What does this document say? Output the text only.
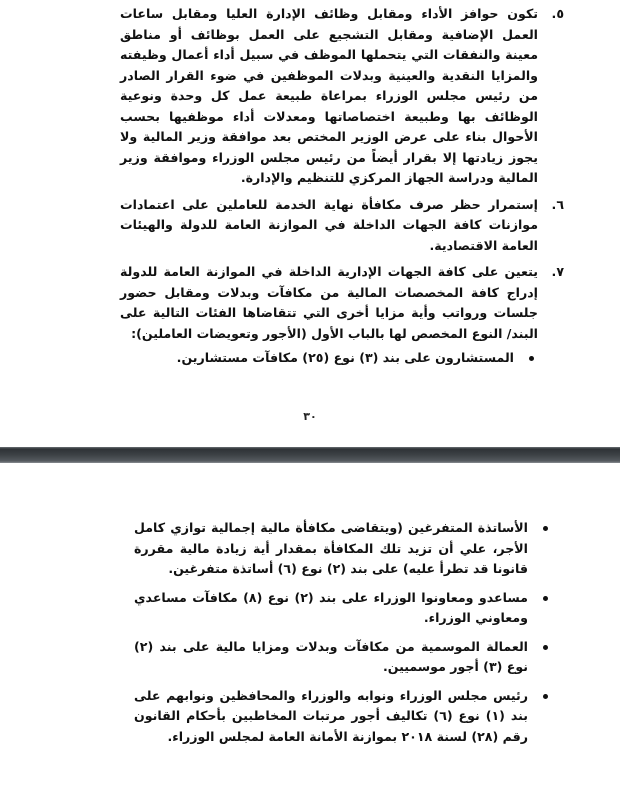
٥.
تكون حوافز الأداء ومقابل وظائف الإدارة العليا ومقابل ساعات العمل الإضافية ومقابل التشجيع على العمل بوظائف أو مناطق معينة والنفقات التي يتحملها الموظف في سبيل أداء أعمال وظيفته والمزايا النقدية والعينية وبدلات الموظفين في ضوء القرار الصادر من رئيس مجلس الوزراء بمراعاة طبيعة عمل كل وحدة ونوعية الوظائف بها وطبيعة اختصاصاتها ومعدلات أداء موظفيها بحسب الأحوال بناء على عرض الوزير المختص بعد موافقة وزير المالية ولا يجوز زيادتها إلا بقرار أيضاً من رئيس مجلس الوزراء وموافقة وزير المالية ودراسة الجهاز المركزي للتنظيم والإدارة.

٦.
إستمرار حظر صرف مكافأة نهاية الخدمة للعاملين على اعتمادات موازنات كافة الجهات الداخلة في الموازنة العامة للدولة والهيئات العامة الاقتصادية.

٧.
يتعين على كافة الجهات الإدارية الداخلة في الموازنة العامة للدولة إدراج كافة المخصصات المالية من مكافآت وبدلات ومقابل حضور جلسات ورواتب وأية مزايا أخرى التي تتقاضاها الفئات التالية على البند/ النوع المخصص لها بالباب الأول (الأجور وتعويضات العاملين):

المستشارون على بند (٣) نوع (٢٥) مكافآت مستشارين.

٣٠

الأساتذة المتفرغين (ويتقاضى مكافأة مالية إجمالية توازي كامل الأجر، علي أن تزيد تلك المكافأة بمقدار أية زيادة مالية مقررة قانونا قد تطرأ عليه) على بند (٢) نوع (٦) أساتذة متفرغين.

مساعدو ومعاونوا الوزراء على بند (٢) نوع (٨) مكافآت مساعدي ومعاوني الوزراء.

العمالة الموسمية من مكافآت وبدلات ومزايا مالية على بند (٢) نوع (٣) أجور موسميين.

رئيس مجلس الوزراء ونوابه والوزراء والمحافظين ونوابهم على بند (١) نوع (٦) تكاليف أجور مرتبات المخاطبين بأحكام القانون رقم (٢٨) لسنة ٢٠١٨ بموازنة الأمانة العامة لمجلس الوزراء.
